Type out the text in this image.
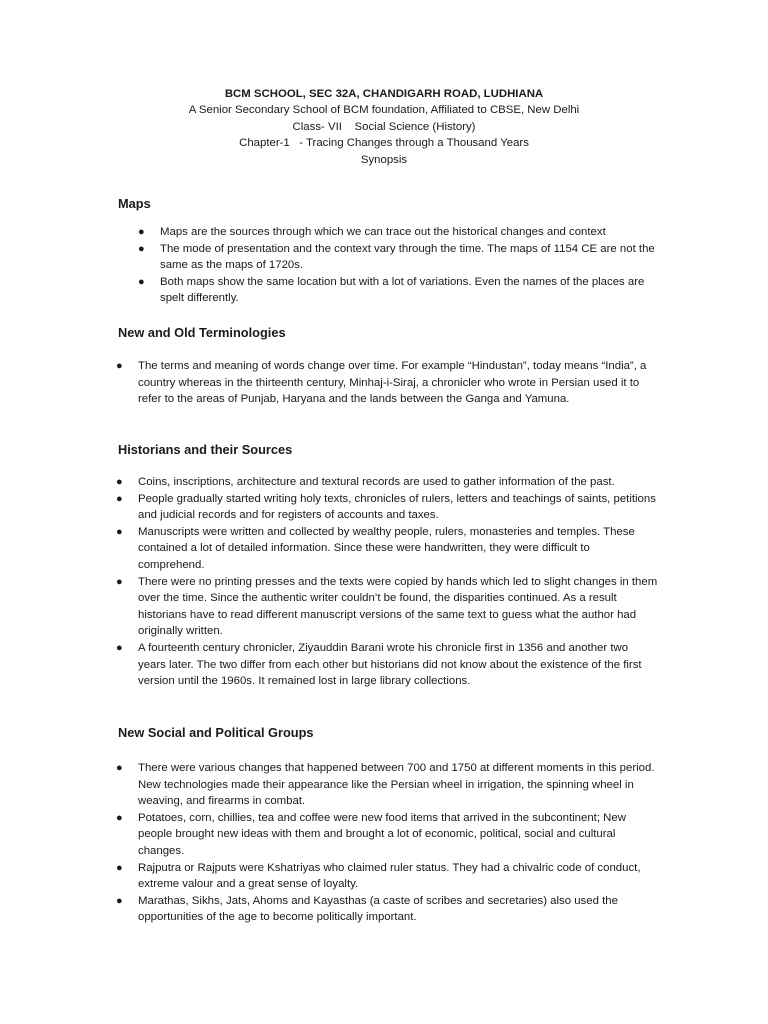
BCM SCHOOL, SEC 32A, CHANDIGARH ROAD, LUDHIANA
A Senior Secondary School of BCM foundation, Affiliated to CBSE, New Delhi
Class- VII    Social Science (History)
Chapter-1   - Tracing Changes through a Thousand Years
Synopsis
Maps
● Maps are the sources through which we can trace out the historical changes and context
● The mode of presentation and the context vary through the time. The maps of 1154 CE are not the same as the maps of 1720s.
● Both maps show the same location but with a lot of variations. Even the names of the places are spelt differently.
New and Old Terminologies
● The terms and meaning of words change over time. For example “Hindustan”, today means “India”, a country whereas in the thirteenth century, Minhaj-i-Siraj, a chronicler who wrote in Persian used it to refer to the areas of Punjab, Haryana and the lands between the Ganga and Yamuna.
Historians and their Sources
● Coins, inscriptions, architecture and textural records are used to gather information of the past.
● People gradually started writing holy texts, chronicles of rulers, letters and teachings of saints, petitions and judicial records and for registers of accounts and taxes.
● Manuscripts were written and collected by wealthy people, rulers, monasteries and temples. These contained a lot of detailed information. Since these were handwritten, they were difficult to comprehend.
● There were no printing presses and the texts were copied by hands which led to slight changes in them over the time. Since the authentic writer couldn’t be found, the disparities continued. As a result historians have to read different manuscript versions of the same text to guess what the author had originally written.
● A fourteenth century chronicler, Ziyauddin Barani wrote his chronicle first in 1356 and another two years later. The two differ from each other but historians did not know about the existence of the first version until the 1960s. It remained lost in large library collections.
New Social and Political Groups
● There were various changes that happened between 700 and 1750 at different moments in this period. New technologies made their appearance like the Persian wheel in irrigation, the spinning wheel in weaving, and firearms in combat.
● Potatoes, corn, chillies, tea and coffee were new food items that arrived in the subcontinent; New people brought new ideas with them and brought a lot of economic, political, social and cultural changes.
● Rajputra or Rajputs were Kshatriyas who claimed ruler status. They had a chivalric code of conduct, extreme valour and a great sense of loyalty.
● Marathas, Sikhs, Jats, Ahoms and Kayasthas (a caste of scribes and secretaries) also used the opportunities of the age to become politically important.
